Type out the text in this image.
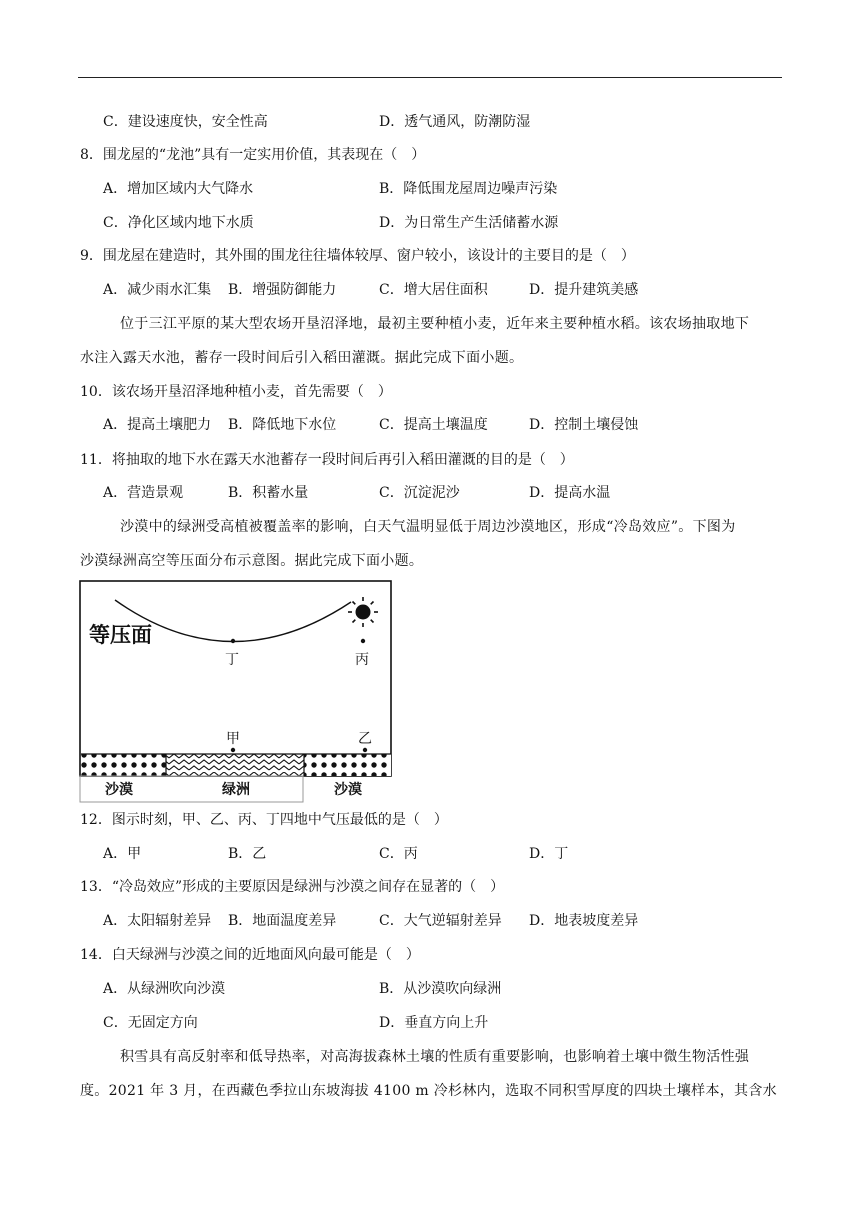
C．建设速度快，安全性高	D．透气通风，防潮防湿
8．围龙屋的“龙池”具有一定实用价值，其表现在（　）
A．增加区域内大气降水	B．降低围龙屋周边噪声污染
C．净化区域内地下水质	D．为日常生产生活储蓄水源
9．围龙屋在建造时，其外围的围龙往往墙体较厚、窗户较小，该设计的主要目的是（　）
A．减少雨水汇集 B．增强防御能力	C．增大居住面积	D．提升建筑美感
位于三江平原的某大型农场开垦沼泽地，最初主要种植小麦，近年来主要种植水稻。该农场抽取地下
水注入露天水池，蓄存一段时间后引入稻田灌溉。据此完成下面小题。
10．该农场开垦沼泽地种植小麦，首先需要（　）
A．提高土壤肥力 B．降低地下水位	C．提高土壤温度	D．控制土壤侵蚀
11．将抽取的地下水在露天水池蓄存一段时间后再引入稻田灌溉的目的是（　）
A．营造景观	B．积蓄水量	C．沉淀泥沙	D．提高水温
沙漠中的绿洲受高植被覆盖率的影响，白天气温明显低于周边沙漠地区，形成“冷岛效应”。下图为
沙漠绿洲高空等压面分布示意图。据此完成下面小题。
等压面
丁	丙
甲	乙
沙漠	绿洲	沙漠
12．图示时刻，甲、乙、丙、丁四地中气压最低的是（　）
A．甲	B．乙	C．丙	D．丁
13．“冷岛效应”形成的主要原因是绿洲与沙漠之间存在显著的（　）
A．太阳辐射差异 B．地面温度差异	C．大气逆辐射差异 D．地表坡度差异
14．白天绿洲与沙漠之间的近地面风向最可能是（　）
A．从绿洲吹向沙漠	B．从沙漠吹向绿洲
C．无固定方向	D．垂直方向上升
积雪具有高反射率和低导热率，对高海拔森林土壤的性质有重要影响，也影响着土壤中微生物活性强
度。2021 年 3 月，在西藏色季拉山东坡海拔 4100 m 冷杉林内，选取不同积雪厚度的四块土壤样本，其含水
